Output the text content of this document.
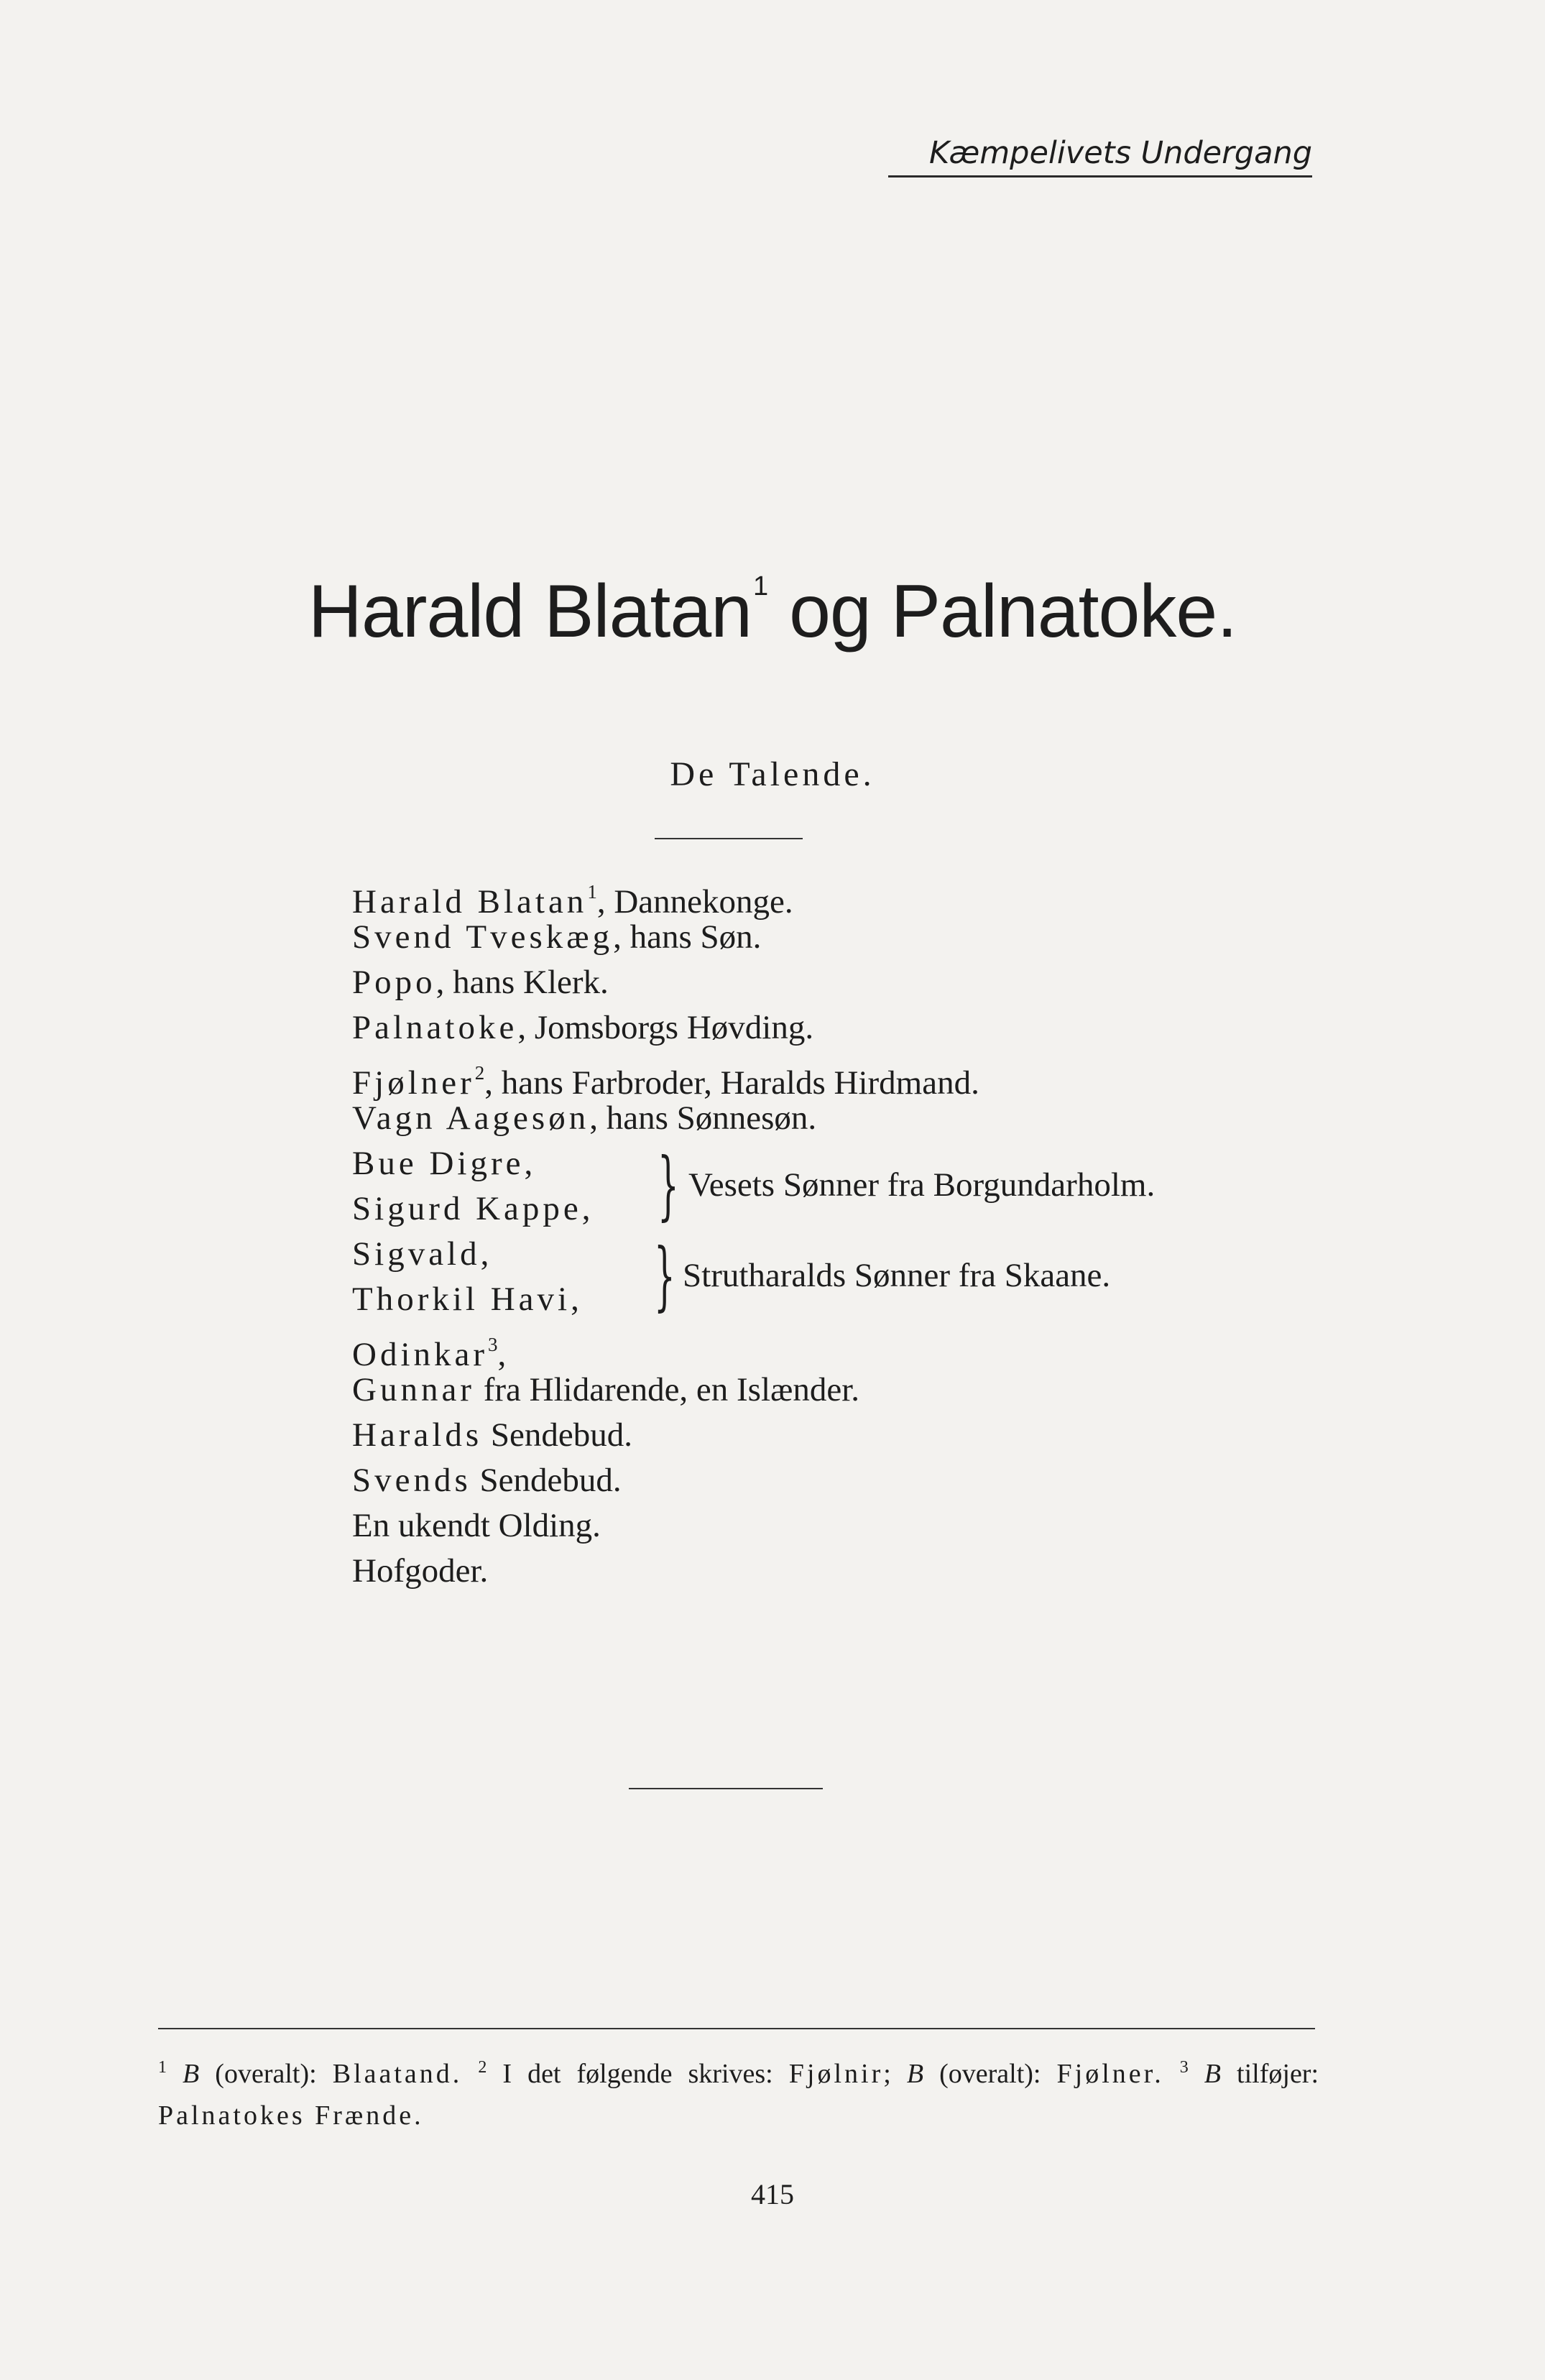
Kæmpelivets Undergang
Harald Blatan$^1$ og Palnatoke.
De Talende.
Harald Blatan$^1$, Dannekonge.
Svend Tveskæg, hans Søn.
Popo, hans Klerk.
Palnatoke, Jomsborgs Høvding.
Fjølner$^2$, hans Farbroder, Haralds Hirdmand.
Vagn Aagesøn, hans Sønnesøn.
Bue Digre,
Sigurd Kappe, } Vesets Sønner fra Borgundarholm.
Sigvald,
Thorkil Havi, } Strutharalds Sønner fra Skaane.
Odinkar$^3$,
Gunnar fra Hlidarende, en Islænder.
Haralds Sendebud.
Svends Sendebud.
En ukendt Olding.
Hofgoder.
$^1$ B (overalt): Blaatand. $^2$ I det følgende skrives: Fjølnir; B (overalt): Fjølner. $^3$ B tilføjer: Palnatokes Frænde.
415
